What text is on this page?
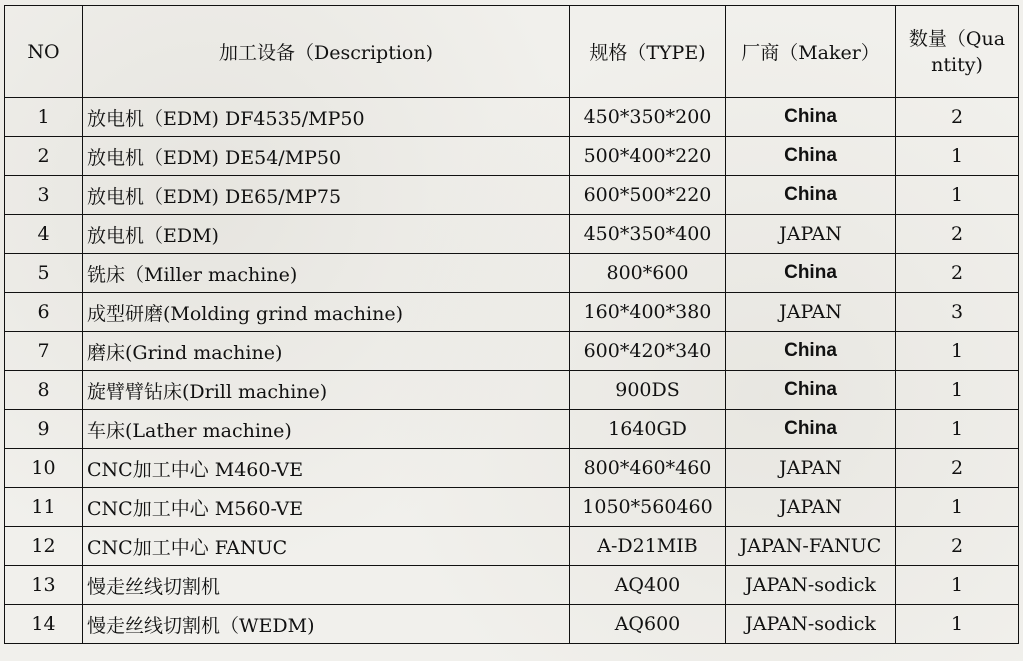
NO	加工设备（Description)	规格（TYPE)	厂商（Maker）	数量（Quantity)
1	放电机（EDM) DF4535/MP50	450*350*200	China	2
2	放电机（EDM) DE54/MP50	500*400*220	China	1
3	放电机（EDM) DE65/MP75	600*500*220	China	1
4	放电机（EDM)	450*350*400	JAPAN	2
5	铣床（Miller machine)	800*600	China	2
6	成型研磨(Molding grind machine)	160*400*380	JAPAN	3
7	磨床(Grind machine)	600*420*340	China	1
8	旋臂臂钻床(Drill machine)	900DS	China	1
9	车床(Lather machine)	1640GD	China	1
10	CNC加工中心 M460-VE	800*460*460	JAPAN	2
11	CNC加工中心 M560-VE	1050*560460	JAPAN	1
12	CNC加工中心 FANUC	A-D21MIB	JAPAN-FANUC	2
13	慢走丝线切割机	AQ400	JAPAN-sodick	1
14	慢走丝线切割机（WEDM)	AQ600	JAPAN-sodick	1
